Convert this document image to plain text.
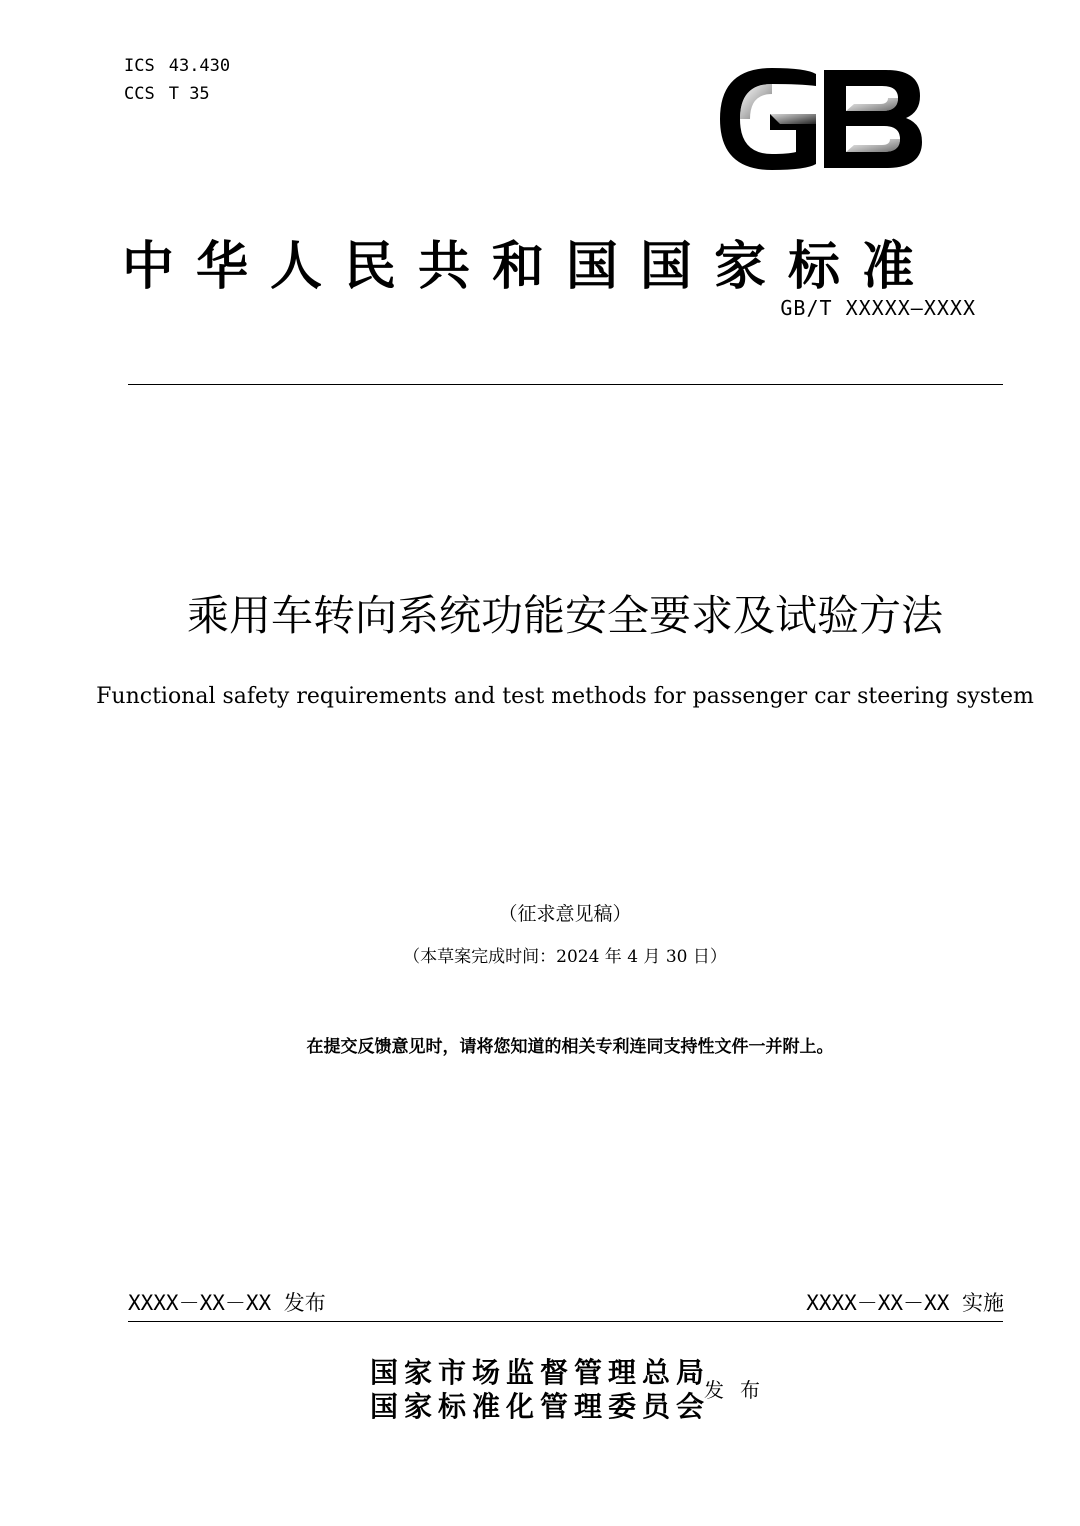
ICS 43.430
CCS T 35
中华人民共和国国家标准
GB/T XXXXX—XXXX
乘用车转向系统功能安全要求及试验方法
Functional safety requirements and test methods for passenger car steering system
（征求意见稿）
（本草案完成时间：2024 年 4 月 30 日）
在提交反馈意见时，请将您知道的相关专利连同支持性文件一并附上。
XXXX－XX－XX 发布	XXXX－XX－XX 实施
国家市场监督管理总局
国家标准化管理委员会
发布
